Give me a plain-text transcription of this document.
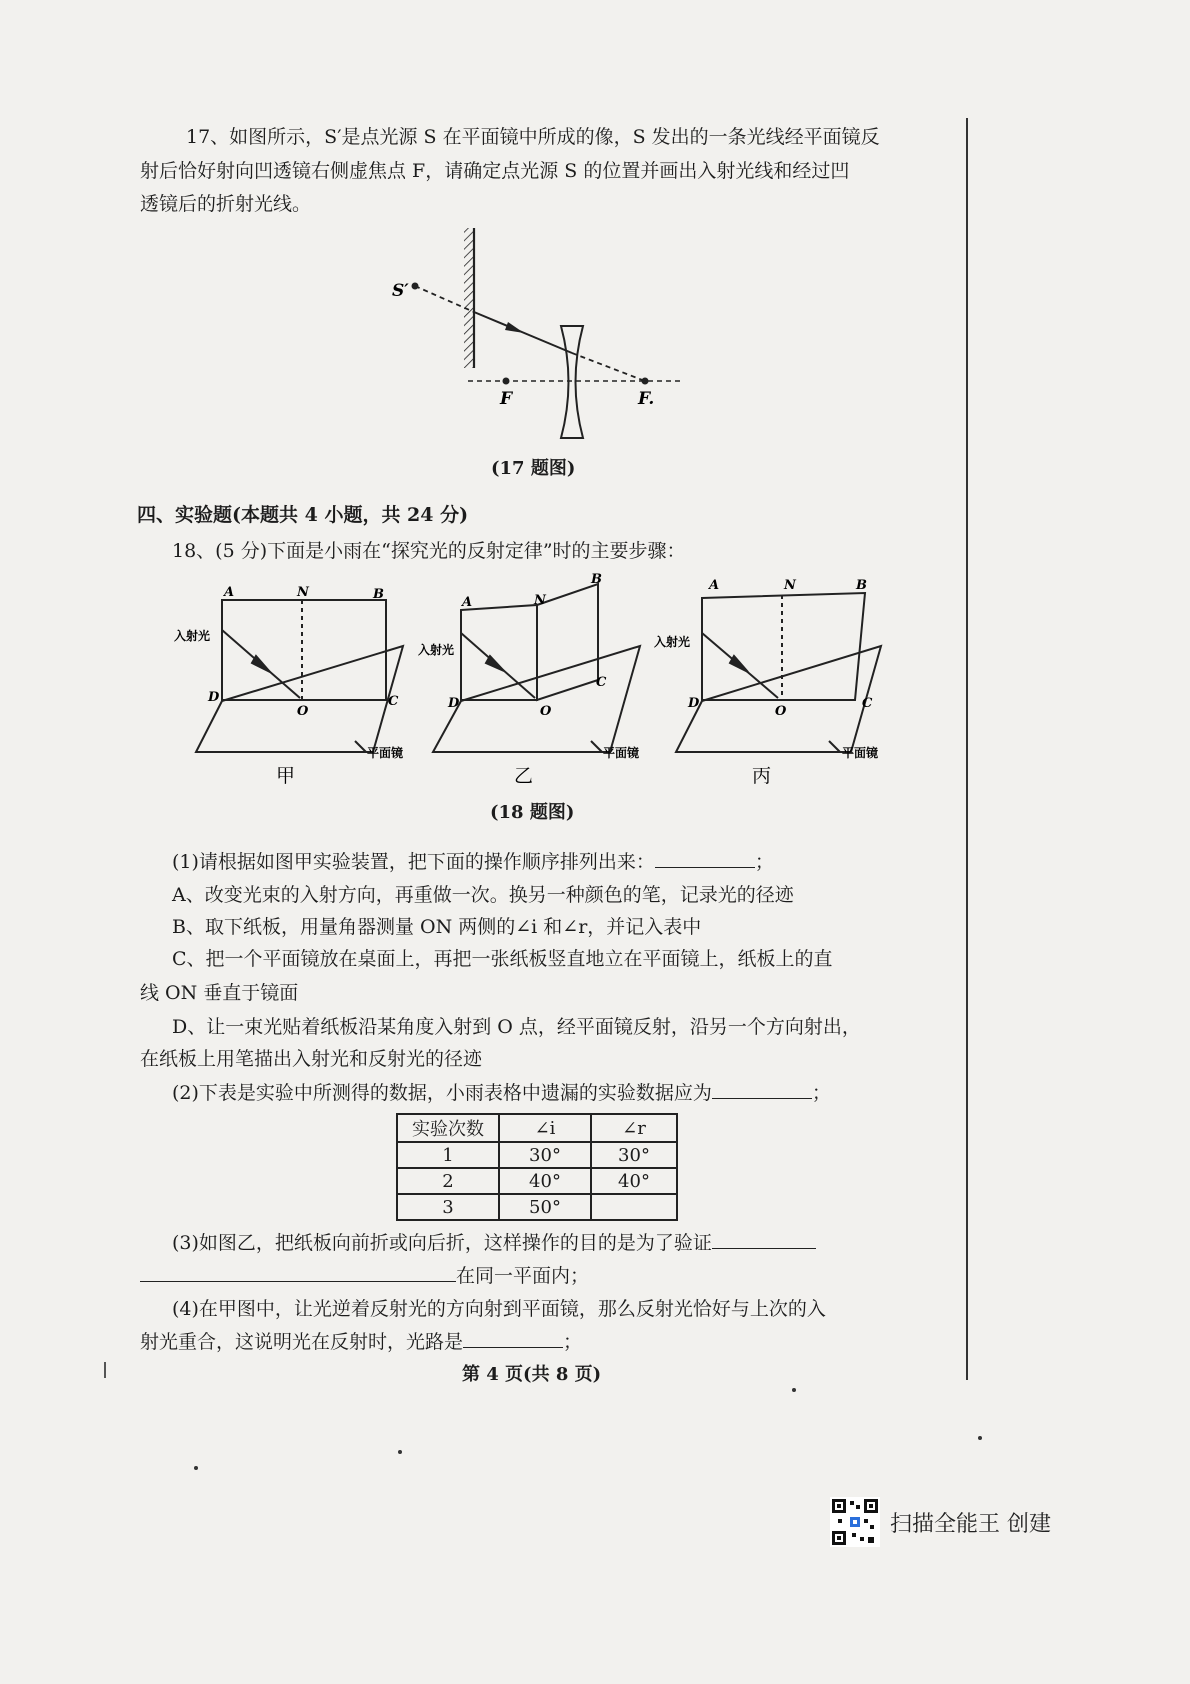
17、如图所示，S′是点光源 S 在平面镜中所成的像，S 发出的一条光线经平面镜反
射后恰好射向凹透镜右侧虚焦点 F，请确定点光源 S 的位置并画出入射光线和经过凹
透镜后的折射光线。
S′
F	F.
(17 题图)
四、实验题(本题共 4 小题，共 24 分)
18、(5 分)下面是小雨在“探究光的反射定律”时的主要步骤：
A	N	B
D	C
O
入射光
平面镜
A	N
B
D
C
O
入射光
平面镜
A	N	B
D	C
O
入射光
平面镜
甲	乙	丙
(18 题图)
(1)请根据如图甲实验装置，把下面的操作顺序排列出来：	；
A、改变光束的入射方向，再重做一次。换另一种颜色的笔，记录光的径迹
B、取下纸板，用量角器测量 ON 两侧的∠i 和∠r，并记入表中
C、把一个平面镜放在桌面上，再把一张纸板竖直地立在平面镜上，纸板上的直
线 ON 垂直于镜面
D、让一束光贴着纸板沿某角度入射到 O 点，经平面镜反射，沿另一个方向射出，
在纸板上用笔描出入射光和反射光的径迹
(2)下表是实验中所测得的数据，小雨表格中遗漏的实验数据应为	；
实验次数	∠i	∠r
1	30°	30°
2	40°	40°
3	50°	
(3)如图乙，把纸板向前折或向后折，这样操作的目的是为了验证
在同一平面内；
(4)在甲图中，让光逆着反射光的方向射到平面镜，那么反射光恰好与上次的入
射光重合，这说明光在反射时，光路是	；
第 4 页(共 8 页)
扫描全能王 创建
